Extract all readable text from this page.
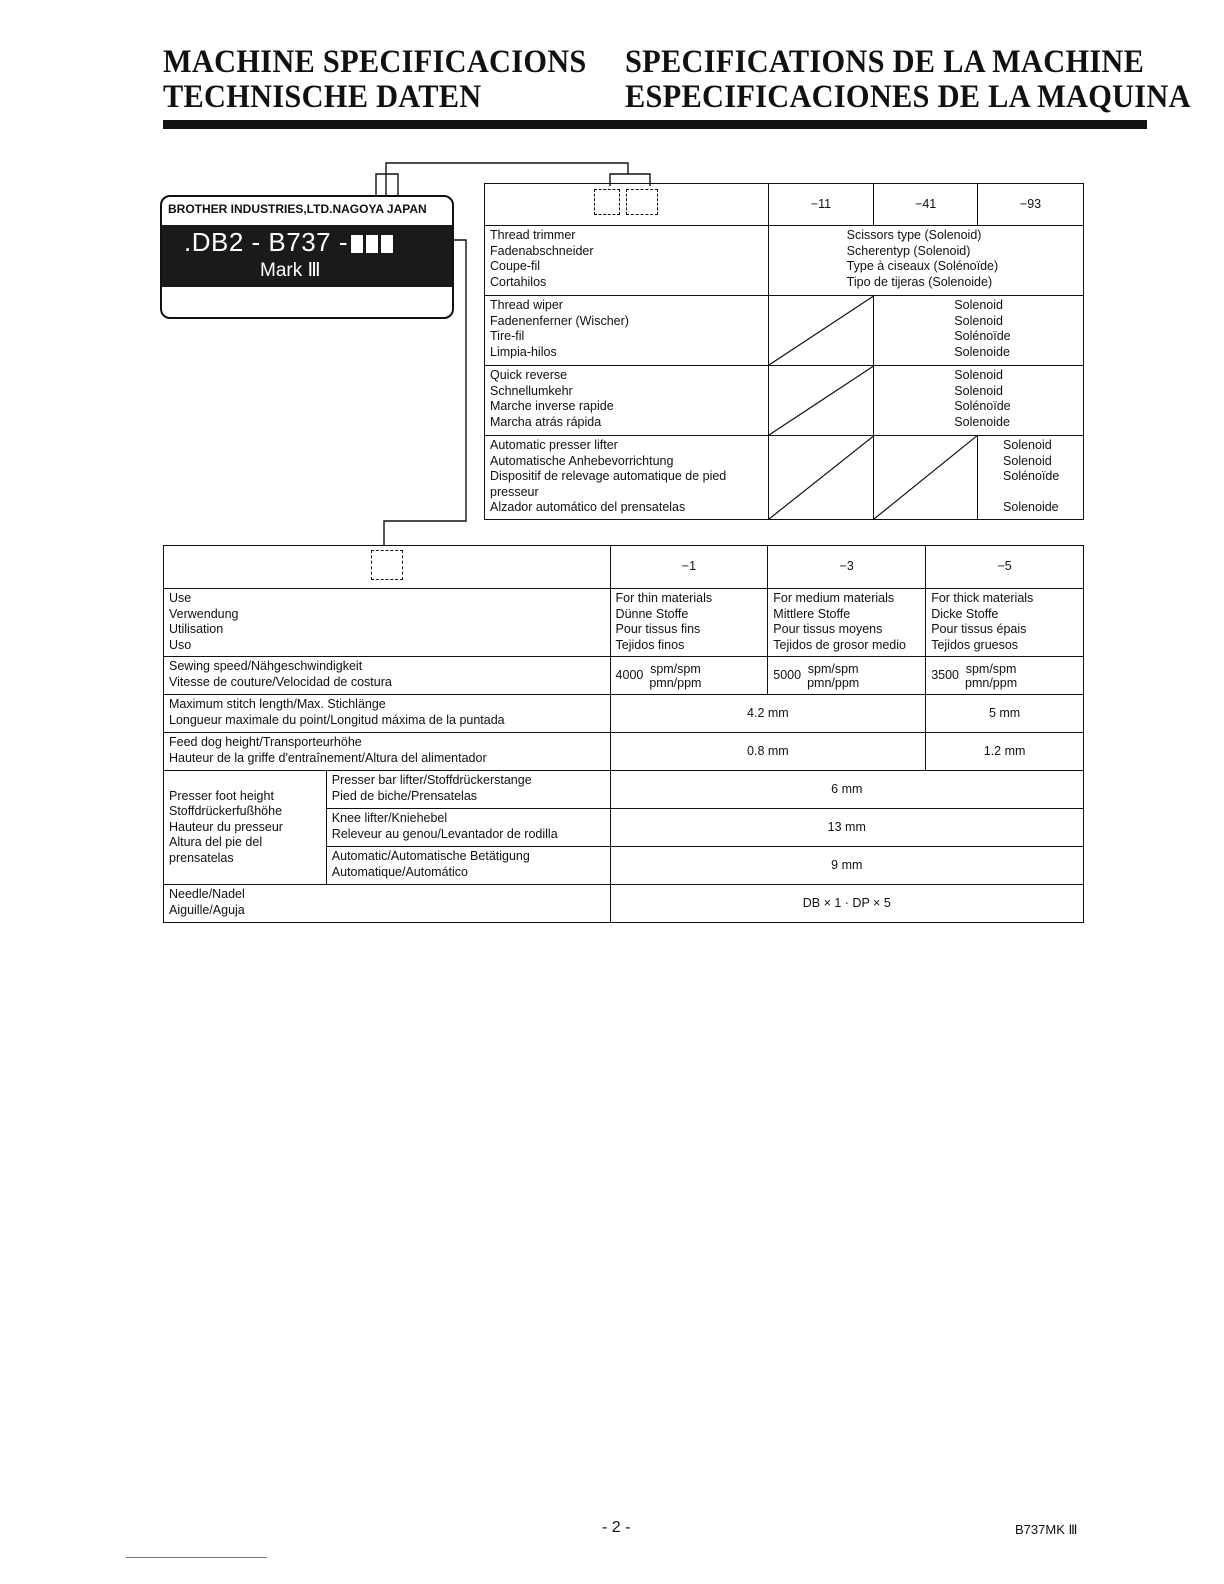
MACHINE SPECIFICACIONS SPECIFICATIONS DE LA MACHINE
TECHNISCHE DATEN	ESPECIFICACIONES DE LA MAQUINA
BROTHER INDUSTRIES,LTD.NAGOYA JAPAN
.DB2 - B737 -
Mark Ⅲ
	−11	−41	−93

Thread trimmer
Fadenabschneider
Coupe-fil
Cortahilos	Scissors type (Solenoid)
Scherentyp (Solenoid)
Type à ciseaux (Solénoïde)
Tipo de tijeras (Solenoide)		

Thread wiper
Fadenenferner (Wischer)
Tire-fil
Limpia-hilos		Solenoid
Solenoid
Solénoïde
Solenoide	

Quick reverse
Schnellumkehr
Marche inverse rapide
Marcha atrás rápida		Solenoid
Solenoid
Solénoïde
Solenoide	

Automatic presser lifter
Automatische Anhebevorrichtung
Dispositif de relevage automatique de pied
presseur
Alzador automático del prensatelas			Solenoid
Solenoid
Solénoïde
Solenoide
		−1	−3	−5

Use
Verwendung
Utilisation
Uso		For thin materials
Dünne Stoffe
Pour tissus fins
Tejidos finos	For medium materials
Mittlere Stoffe
Pour tissus moyens
Tejidos de grosor medio	For thick materials
Dicke Stoffe
Pour tissus épais
Tejidos gruesos

Sewing speed/Nähgeschwindigkeit
Vitesse de couture/Velocidad de costura		4000 spm/spm
pmn/ppm	5000 spm/spm
pmn/ppm	3500 spm/spm
pmn/ppm

Maximum stitch length/Max. Stichlänge
Longueur maximale du point/Longitud máxima de la puntada		4.2 mm		5 mm

Feed dog height/Transporteurhöhe
Hauteur de la griffe d'entraînement/Altura del alimentador		0.8 mm		1.2 mm

Presser foot height
Stoffdrückerfußhöhe
Hauteur du presseur
Altura del pie del
prensatelas	Presser bar lifter/Stoffdrückerstange
Pied de biche/Prensatelas	6 mm		

	Knee lifter/Kniehebel
Releveur au genou/Levantador de rodilla	13 mm		

	Automatic/Automatische Betätigung
Automatique/Automático	9 mm		

Needle/Nadel
Aiguille/Aguja		DB × 1 · DP × 5		
- 2 -	B737MK Ⅲ
